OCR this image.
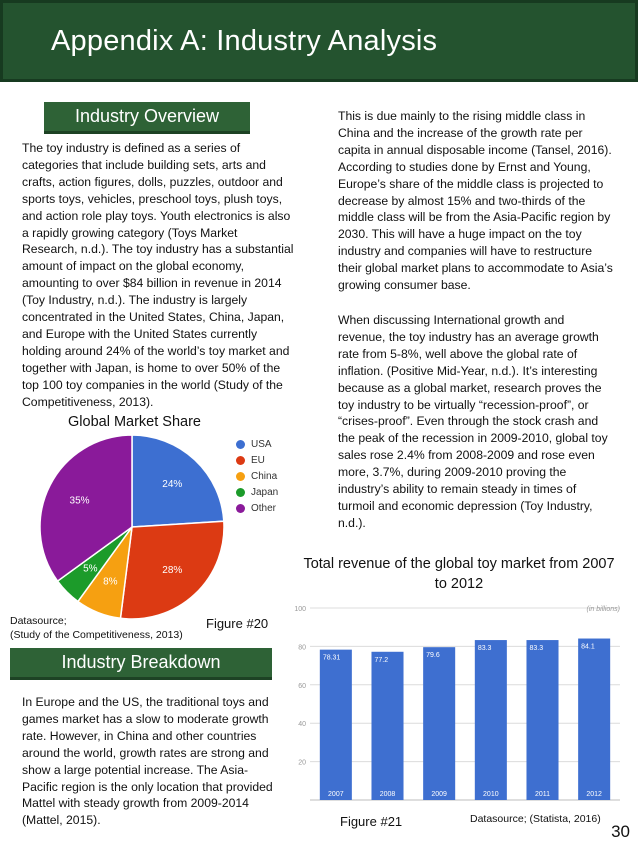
Appendix A: Industry Analysis
Industry Overview
The toy industry is defined as a series of categories that include building sets, arts and crafts, action figures, dolls, puzzles, outdoor and sports toys, vehicles, preschool toys, plush toys, and action role play toys. Youth electronics is also a rapidly growing category (Toys Market Research, n.d.). The toy industry has a substantial amount of impact on the global economy, amounting to over $84 billion in revenue in 2014 (Toy Industry, n.d.). The industry is largely concentrated in the United States, China, Japan, and Europe with the United States currently holding around 24% of the world’s toy market and together with Japan, is home to over 50% of the top 100 toy companies in the world (Study of the Competitiveness, 2013).
This is due mainly to the rising middle class in China and the increase of the growth rate per capita in annual disposable income (Tansel, 2016). According to studies done by Ernst and Young, Europe’s share of the middle class is projected to decrease by almost 15% and two-thirds of the middle class will be from the Asia-Pacific region by 2030. This will have a huge impact on the toy industry and companies will have to restructure their global market plans to accommodate to Asia’s growing consumer base.
When discussing International growth and revenue, the toy industry has an average growth rate from 5-8%, well above the global rate of inflation. (Positive Mid-Year, n.d.). It’s interesting because as a global market, research proves the toy industry to be virtually “recession-proof”, or “crises-proof”. Even through the stock crash and the peak of the recession in 2009-2010, global toy sales rose 2.4% from 2008-2009 and rose even more, 3.7%, during 2009-2010 proving the industry’s ability to remain steady in times of turmoil and economic depression (Toy Industry, n.d.).
Global Market Share
24%
28%
8%
5%
35%
USA
EU
China
Japan
Other
Datasource;
(Study of the Competitiveness, 2013)
Figure #20
Industry Breakdown
In Europe and the US, the traditional toys and games market has a slow to moderate growth rate. However, in China and other countries around the world, growth rates are strong and show a large potential increase. The Asia-Pacific region is the only location that provided Mattel with steady growth from 2009-2014 (Mattel, 2015).
Total revenue of the global toy market from 2007 to 2012
20
40
60
80
100	(in billions)
78.31
2007
77.2
2008
79.6
2009
83.3
2010
83.3
2011
84.1
2012
Figure #21	Datasource; (Statista, 2016)
30
